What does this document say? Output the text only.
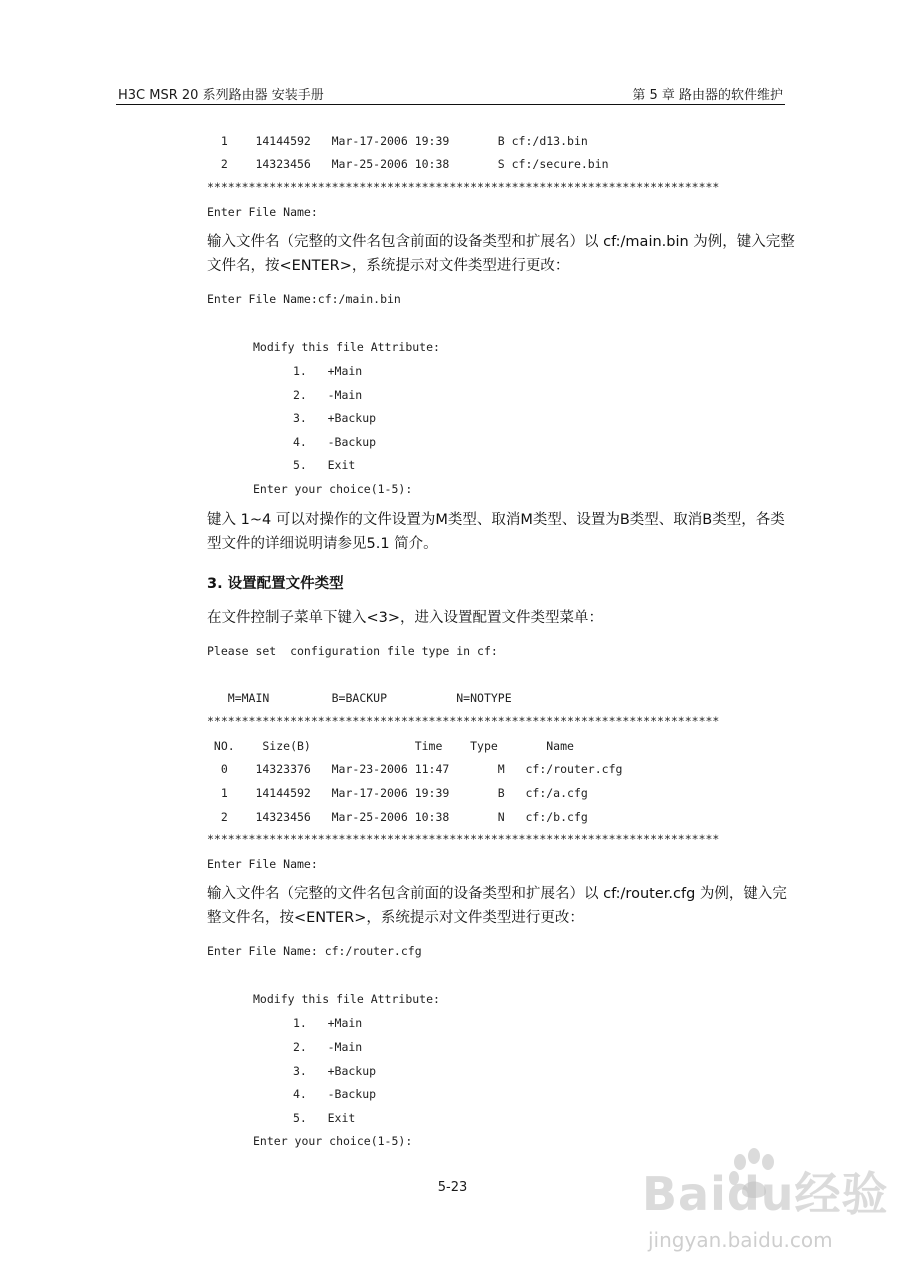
H3C MSR 20 系列路由器 安装手册	第 5 章 路由器的软件维护
1    14144592   Mar-17-2006 19:39       B cf:/d13.bin
2    14323456   Mar-25-2006 10:38       S cf:/secure.bin
**************************************************************************
Enter File Name:
输入文件名（完整的文件名包含前面的设备类型和扩展名）以 cf:/main.bin 为例，键入完整文件名，按<ENTER>，系统提示对文件类型进行更改：
Enter File Name:cf:/main.bin
Modify this file Attribute:
1.   +Main
2.   -Main
3.   +Backup
4.   -Backup
5.   Exit
Enter your choice(1-5):
键入 1~4 可以对操作的文件设置为M类型、取消M类型、设置为B类型、取消B类型，各类型文件的详细说明请参见5.1 简介。
3. 设置配置文件类型
在文件控制子菜单下键入<3>，进入设置配置文件类型菜单：
Please set  configuration file type in cf:
M=MAIN         B=BACKUP          N=NOTYPE
**************************************************************************
NO.    Size(B)               Time    Type       Name
0    14323376   Mar-23-2006 11:47       M   cf:/router.cfg
1    14144592   Mar-17-2006 19:39       B   cf:/a.cfg
2    14323456   Mar-25-2006 10:38       N   cf:/b.cfg
**************************************************************************
Enter File Name:
输入文件名（完整的文件名包含前面的设备类型和扩展名）以 cf:/router.cfg 为例，键入完整文件名，按<ENTER>，系统提示对文件类型进行更改：
Enter File Name: cf:/router.cfg
Modify this file Attribute:
1.   +Main
2.   -Main
3.   +Backup
4.   -Backup
5.   Exit
Enter your choice(1-5):
5-23	Baidu经验
jingyan.baidu.com
